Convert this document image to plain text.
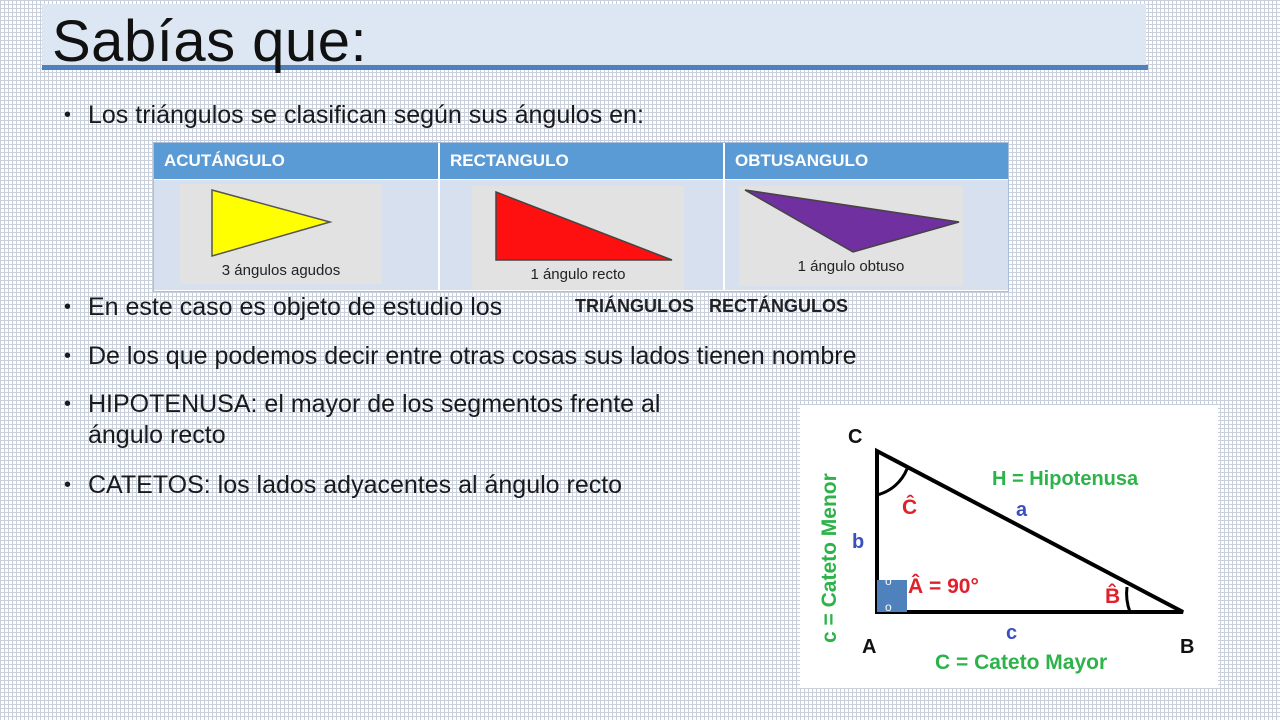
Sabías que:
• Los triángulos se clasifican según sus ángulos en:
ACUTÁNGULO	RECTANGULO	OBTUSANGULO
3 ángulos agudos	1 ángulo recto	1 ángulo obtuso
• En este caso es objeto de estudio los	TRIÁNGULOS RECTÁNGULOS
• De los que podemos decir entre otras cosas sus lados tienen nombre
• HIPOTENUSA: el mayor de los segmentos frente al ángulo recto
• CATETOS: los lados adyacentes al ángulo recto
o
o
C
A	B
H = Hipotenusa
a
b
c
Ĉ
Â = 90°	B̂
c = Cateto Menor
C = Cateto Mayor
